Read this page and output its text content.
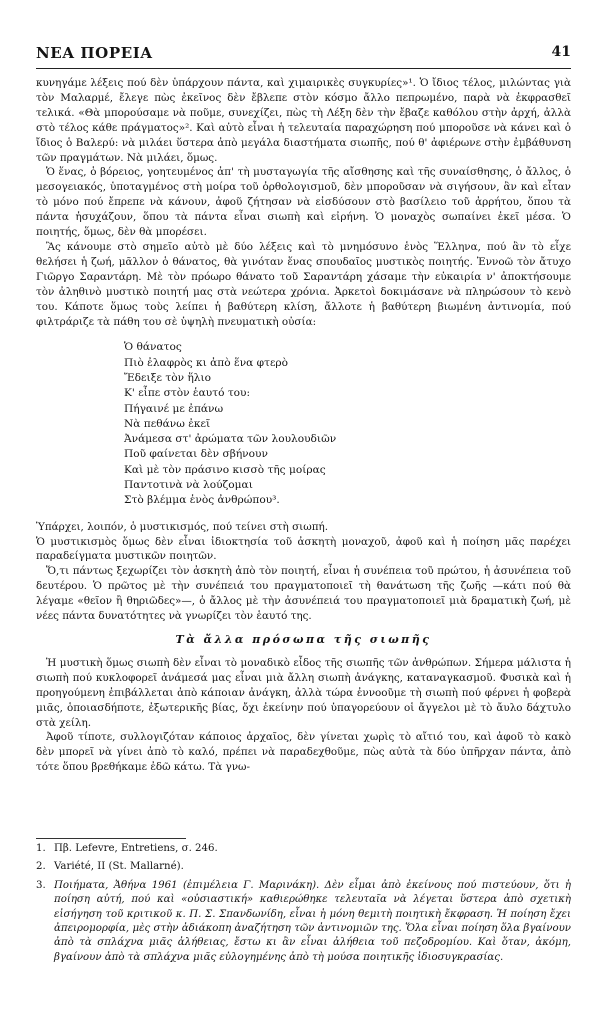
ΝΕΑ ΠΟΡΕΙΑ	41

κυνηγάμε λέξεις πού δὲν ὑπάρχουν πάντα, καὶ χιμαιρικὲς συγκυρίες»¹. Ὁ ἴδιος τέλος, μιλώντας γιὰ τὸν Μαλαρμέ, ἔλεγε πὼς ἐκεῖνος δὲν ἔβλεπε στὸν κόσμο ἄλλο πεπρωμένο, παρὰ νὰ ἐκφρασθεῖ τελικά. «Θὰ μπορούσαμε νὰ ποῦμε, συνεχίζει, πὼς τὴ Λέξη δὲν τὴν ἔβαζε καθόλου στὴν ἀρχή, ἀλλὰ στὸ τέλος κάθε πράγματος»². Καὶ αὐτὸ εἶναι ἡ τελευταία παραχώρηση πού μποροῦσε νὰ κάνει καὶ ὁ ἴδιος ὁ Βαλερύ: νὰ μιλάει ὕστερα ἀπὸ μεγάλα διαστήματα σιωπῆς, πού θ' ἀφιέρωνε στὴν ἐμβάθυνση τῶν πραγμάτων. Νὰ μιλάει, ὅμως.

Ὁ ἕνας, ὁ βόρειος, γοητευμένος ἀπ' τὴ μυσταγωγία τῆς αἴσθησης καὶ τῆς συναίσθησης, ὁ ἄλλος, ὁ μεσογειακός, ὑποταγμένος στὴ μοίρα τοῦ ὀρθολογισμοῦ, δὲν μποροῦσαν νὰ σιγήσουν, ἂν καὶ εἶταν τὸ μόνο πού ἔπρεπε νὰ κάνουν, ἀφοῦ ζήτησαν νὰ εἰσδύσουν στὸ βασίλειο τοῦ ἀρρήτου, ὅπου τὰ πάντα ἡσυχάζουν, ὅπου τὰ πάντα εἶναι σιωπὴ καὶ εἰρήνη. Ὁ μοναχὸς σωπαίνει ἐκεῖ μέσα. Ὁ ποιητής, ὅμως, δὲν θὰ μπορέσει.

Ἂς κάνουμε στὸ σημεῖο αὐτὸ μὲ δύο λέξεις καὶ τὸ μνημόσυνο ἑνὸς Ἕλληνα, πού ἂν τὸ εἶχε θελήσει ἡ ζωή, μᾶλλον ὁ θάνατος, θὰ γινόταν ἕνας σπουδαῖος μυστικὸς ποιητής. Ἐννοῶ τὸν ἄτυχο Γιῶργο Σαραντάρη. Μὲ τὸν πρόωρο θάνατο τοῦ Σαραντάρη χάσαμε τὴν εὐκαιρία ν' ἀποκτήσουμε τὸν ἀληθινὸ μυστικὸ ποιητή μας στὰ νεώτερα χρόνια. Ἀρκετοὶ δοκιμάσανε νὰ πληρώσουν τὸ κενὸ του. Κάποτε ὅμως τοὺς λείπει ἡ βαθύτερη κλίση, ἄλλοτε ἡ βαθύτερη βιωμένη ἀντινομία, πού φιλτράριζε τὰ πάθη του σὲ ὑψηλὴ πνευματικὴ οὐσία:

Ὁ θάνατος
Πιὸ ἐλαφρὸς κι ἀπὸ ἕνα φτερὸ
Ἔδειξε τὸν ἥλιο
Κ' εἶπε στὸν ἑαυτό του:
Πήγαινέ με ἐπάνω
Νὰ πεθάνω ἐκεῖ
Ἀνάμεσα στ' ἀρώματα τῶν λουλουδιῶν
Ποῦ φαίνεται δὲν σβήνουν
Καὶ μὲ τὸν πράσινο κισσὸ τῆς μοίρας
Παντοτινὰ νὰ λούζομαι
Στὸ βλέμμα ἑνὸς ἀνθρώπου³.

Ὑπάρχει, λοιπόν, ὁ μυστικισμός, πού τείνει στὴ σιωπή.

Ὁ μυστικισμὸς ὅμως δὲν εἶναι ἰδιοκτησία τοῦ ἀσκητὴ μοναχοῦ, ἀφοῦ καὶ ἡ ποίηση μᾶς παρέχει παραδείγματα μυστικῶν ποιητῶν.

Ὅ,τι πάντως ξεχωρίζει τὸν ἀσκητὴ ἀπὸ τὸν ποιητή, εἶναι ἡ συνέπεια τοῦ πρώτου, ἡ ἀσυνέπεια τοῦ δευτέρου. Ὁ πρῶτος μὲ τὴν συνέπειά του πραγματοποιεῖ τὴ θανάτωση τῆς ζωῆς —κάτι πού θὰ λέγαμε «θεῖον ἢ θηριῶδες»—, ὁ ἄλλος μὲ τὴν ἀσυνέπειά του πραγματοποιεῖ μιὰ δραματικὴ ζωή, μὲ νέες πάντα δυνατότητες νὰ γνωρίζει τὸν ἑαυτό της.

Τὰ ἄλλα πρόσωπα τῆς σιωπῆς

Ἡ μυστικὴ ὅμως σιωπὴ δὲν εἶναι τὸ μοναδικὸ εἶδος τῆς σιωπῆς τῶν ἀνθρώπων. Σήμερα μάλιστα ἡ σιωπὴ πού κυκλοφορεῖ ἀνάμεσά μας εἶναι μιὰ ἄλλη σιωπὴ ἀνάγκης, καταναγκασμοῦ. Φυσικὰ καὶ ἡ προηγούμενη ἐπιβάλλεται ἀπὸ κάποιαν ἀνάγκη, ἀλλὰ τώρα ἐννοοῦμε τὴ σιωπὴ πού φέρνει ἡ φοβερὰ μιᾶς, ὁποιασδήποτε, ἐξωτερικῆς βίας, ὄχι ἐκείνην πού ὑπαγορεύουν οἱ ἄγγελοι μὲ τὸ ἄυλο δάχτυλο στὰ χείλη.

Ἀφοῦ τίποτε, συλλογιζόταν κάποιος ἀρχαῖος, δὲν γίνεται χωρὶς τὸ αἴτιό του, καὶ ἀφοῦ τὸ κακὸ δὲν μπορεῖ νὰ γίνει ἀπὸ τὸ καλό, πρέπει νὰ παραδεχθοῦμε, πὼς αὐτὰ τὰ δύο ὑπῆρχαν πάντα, ἀπὸ τότε ὅπου βρεθήκαμε ἐδῶ κάτω. Τὰ γνω-

1. Πβ. Lefevre, Entretiens, σ. 246.
2. Variété, II (St. Mallarné).
3. Ποιήματα, Ἀθήνα 1961 (ἐπιμέλεια Γ. Μαρινάκη). Δὲν εἶμαι ἀπὸ ἐκείνους πού πιστεύουν, ὅτι ἡ ποίηση αὐτή, πού καὶ «οὐσιαστική» καθιερώθηκε τελευταῖα νὰ λέγεται ὕστερα ἀπὸ σχετικὴ εἰσήγηση τοῦ κριτικοῦ κ. Π. Σ. Σπανδωνίδη, εἶναι ἡ μόνη θεμιτὴ ποιητικὴ ἔκφραση. Ἡ ποίηση ἔχει ἀπειρομορφία, μὲς στὴν ἀδιάκοπη ἀναζήτηση τῶν ἀντινομιῶν της. Ὅλα εἶναι ποίηση ὅλα βγαίνουν ἀπὸ τὰ σπλάχνα μιᾶς ἀλήθειας, ἔστω κι ἂν εἶναι ἀλήθεια τοῦ πεζοδρομίου. Καὶ ὅταν, ἀκόμη, βγαίνουν ἀπὸ τὰ σπλάχνα μιᾶς εὐλογημένης ἀπὸ τὴ μούσα ποιητικῆς ἰδιοσυγκρασίας.
